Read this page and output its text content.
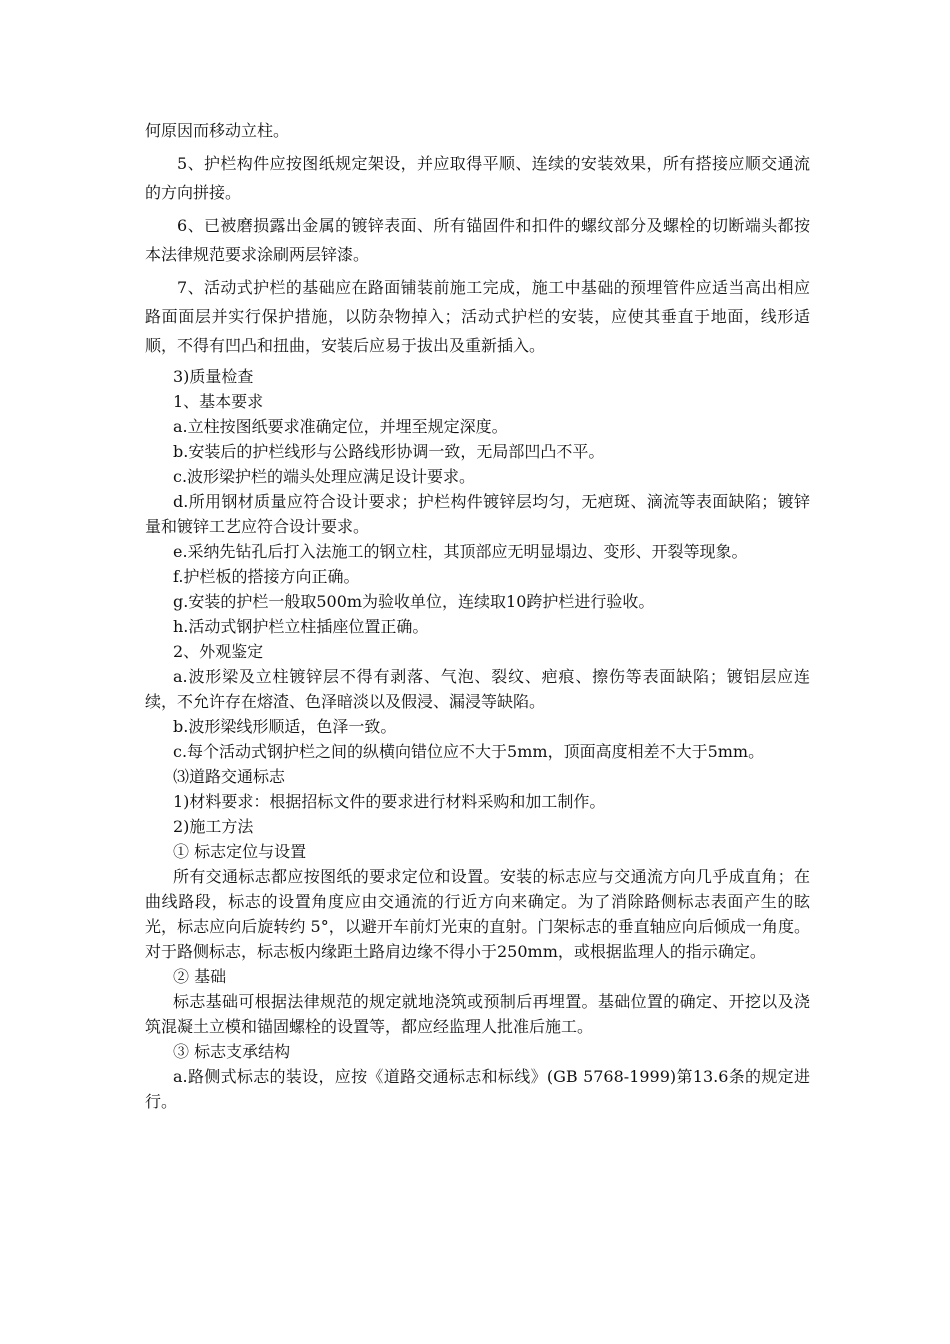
何原因而移动立柱。

5、护栏构件应按图纸规定架设，并应取得平顺、连续的安装效果，所有搭接应顺交通流的方向拼接。

6、已被磨损露出金属的镀锌表面、所有锚固件和扣件的螺纹部分及螺栓的切断端头都按本法律规范要求涂刷两层锌漆。

7、活动式护栏的基础应在路面铺装前施工完成，施工中基础的预埋管件应适当高出相应路面面层并实行保护措施，以防杂物掉入；活动式护栏的安装，应使其垂直于地面，线形适顺，不得有凹凸和扭曲，安装后应易于拔出及重新插入。

3)质量检查

1、基本要求

a.立柱按图纸要求准确定位，并埋至规定深度。

b.安装后的护栏线形与公路线形协调一致，无局部凹凸不平。

c.波形梁护栏的端头处理应满足设计要求。

d.所用钢材质量应符合设计要求；护栏构件镀锌层均匀，无疤斑、滴流等表面缺陷；镀锌量和镀锌工艺应符合设计要求。

e.采纳先钻孔后打入法施工的钢立柱，其顶部应无明显塌边、变形、开裂等现象。

f.护栏板的搭接方向正确。

g.安装的护栏一般取500m为验收单位，连续取10跨护栏进行验收。

h.活动式钢护栏立柱插座位置正确。

2、外观鉴定

a.波形梁及立柱镀锌层不得有剥落、气泡、裂纹、疤痕、擦伤等表面缺陷；镀铝层应连续，不允许存在熔渣、色泽暗淡以及假浸、漏浸等缺陷。

b.波形梁线形顺适，色泽一致。

c.每个活动式钢护栏之间的纵横向错位应不大于5mm，顶面高度相差不大于5mm。

⑶道路交通标志

1)材料要求：根据招标文件的要求进行材料采购和加工制作。

2)施工方法

① 标志定位与设置

所有交通标志都应按图纸的要求定位和设置。安装的标志应与交通流方向几乎成直角；在曲线路段，标志的设置角度应由交通流的行近方向来确定。为了消除路侧标志表面产生的眩光，标志应向后旋转约 5°，以避开车前灯光束的直射。门架标志的垂直轴应向后倾成一角度。对于路侧标志，标志板内缘距土路肩边缘不得小于250mm，或根据监理人的指示确定。

② 基础

标志基础可根据法律规范的规定就地浇筑或预制后再埋置。基础位置的确定、开挖以及浇筑混凝土立模和锚固螺栓的设置等，都应经监理人批准后施工。

③ 标志支承结构

a.路侧式标志的装设，应按《道路交通标志和标线》(GB 5768-1999)第13.6条的规定进行。
